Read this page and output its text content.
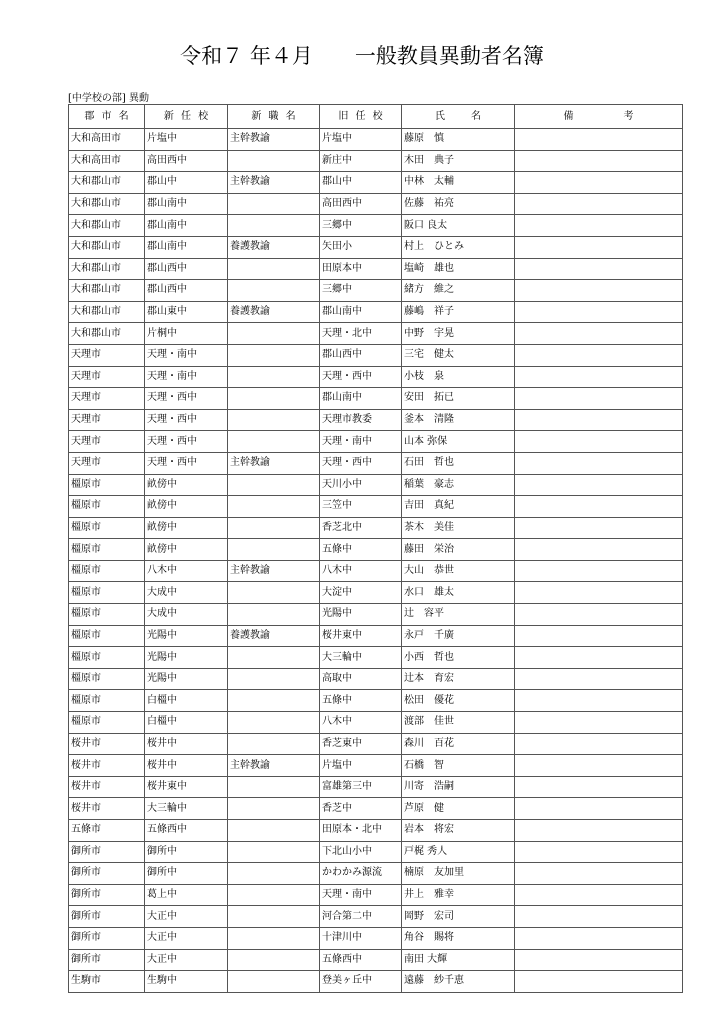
令和７ 年４月　　一般教員異動者名簿
[中学校の部] 異動
郡 市 名	新 任 校	新 職 名	旧 任 校	氏　　名	備　　　　考
大和高田市	片塩中	主幹教諭	片塩中	藤原　慎	
大和高田市	高田西中		新庄中	木田　典子	
大和郡山市	郡山中	主幹教諭	郡山中	中林　太輔	
大和郡山市	郡山南中		高田西中	佐藤　祐亮	
大和郡山市	郡山南中		三郷中	阪口 良太	
大和郡山市	郡山南中	養護教諭	矢田小	村上　ひとみ	
大和郡山市	郡山西中		田原本中	塩崎　雄也	
大和郡山市	郡山西中		三郷中	緒方　維之	
大和郡山市	郡山東中	養護教諭	郡山南中	藤嶋　祥子	
大和郡山市	片桐中		天理・北中	中野　宇晃	
天理市	天理・南中		郡山西中	三宅　健太	
天理市	天理・南中		天理・西中	小枝　泉	
天理市	天理・西中		郡山南中	安田　拓已	
天理市	天理・西中		天理市教委	釜本　清隆	
天理市	天理・西中		天理・南中	山本 弥保	
天理市	天理・西中	主幹教諭	天理・西中	石田　哲也	
橿原市	畝傍中		天川小中	稲葉　豪志	
橿原市	畝傍中		三笠中	吉田　真紀	
橿原市	畝傍中		香芝北中	茶木　美佳	
橿原市	畝傍中		五條中	藤田　栄治	
橿原市	八木中	主幹教諭	八木中	大山　恭世	
橿原市	大成中		大淀中	水口　雄太	
橿原市	大成中		光陽中	辻　容平	
橿原市	光陽中	養護教諭	桜井東中	永戸　千廣	
橿原市	光陽中		大三輪中	小西　哲也	
橿原市	光陽中		高取中	辻本　育宏	
橿原市	白橿中		五條中	松田　優花	
橿原市	白橿中		八木中	渡部　佳世	
桜井市	桜井中		香芝東中	森川　百花	
桜井市	桜井中	主幹教諭	片塩中	石橋　智	
桜井市	桜井東中		富雄第三中	川寄　浩嗣	
桜井市	大三輪中		香芝中	芦原　健	
五條市	五條西中		田原本・北中	岩本　将宏	
御所市	御所中		下北山小中	戸梶 秀人	
御所市	御所中		かわかみ源流	楠原　友加里	
御所市	葛上中		天理・南中	井上　雅幸	
御所市	大正中		河合第二中	岡野　宏司	
御所市	大正中		十津川中	角谷　賜将	
御所市	大正中		五條西中	南田 大輝	
生駒市	生駒中		登美ヶ丘中	遠藤　紗千恵	
